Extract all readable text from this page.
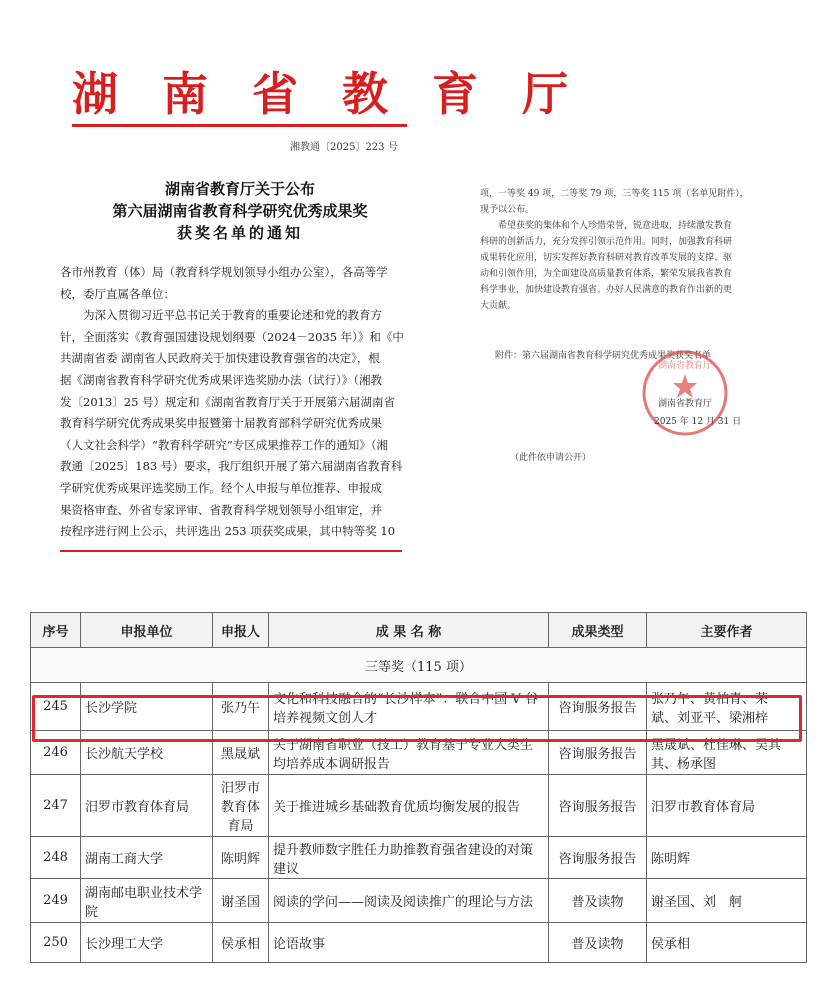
湖 南 省 教 育 厅
湘教通〔2025〕223 号
湖南省教育厅关于公布
第六届湖南省教育科学研究优秀成果奖
获奖名单的通知
各市州教育（体）局（教育科学规划领导小组办公室），各高等学
校，委厅直属各单位：
　　为深入贯彻习近平总书记关于教育的重要论述和党的教育方
针，全面落实《教育强国建设规划纲要（2024－2035 年）》和《中
共湖南省委 湖南省人民政府关于加快建设教育强省的决定》，根
据《湖南省教育科学研究优秀成果评选奖励办法（试行）》（湘教
发〔2013〕25 号）规定和《湖南省教育厅关于开展第六届湖南省
教育科学研究优秀成果奖申报暨第十届教育部科学研究优秀成果
（人文社会科学）“教育科学研究”专区成果推荐工作的通知》（湘
教通〔2025〕183 号）要求，我厅组织开展了第六届湖南省教育科
学研究优秀成果评选奖励工作。经个人申报与单位推荐、申报成
果资格审查、外省专家评审、省教育科学规划领导小组审定，并
按程序进行网上公示，共评选出 253 项获奖成果，其中特等奖 10
项，一等奖 49 项，二等奖 79 项，三等奖 115 项（名单见附件），
现予以公布。
　　希望获奖的集体和个人珍惜荣誉，锐意进取，持续激发教育
科研的创新活力，充分发挥引领示范作用。同时，加强教育科研
成果转化应用，切实发挥好教育科研对教育改革发展的支撑、驱
动和引领作用，为全面建设高质量教育体系，繁荣发展我省教育
科学事业，加快建设教育强省、办好人民满意的教育作出新的更
大贡献。
附件：第六届湖南省教育科学研究优秀成果奖获奖名单
湖南省教育厅
湖南省教育厅
2025 年 12 月 31 日
（此件依申请公开）
序号	申报单位	申报人	成 果 名 称	成果类型	主要作者
三等奖（115 项）					
245	长沙学院	张乃午	文化和科技融合的“长沙样本”：联合中国 V 谷培养视频文创人才	咨询服务报告	张乃午、黄柏青、荣　斌、刘亚平、梁湘梓
246	长沙航天学校	黑晟斌	关于湖南省职业（技工）教育基于专业大类生均培养成本调研报告	咨询服务报告	黑晟斌、杜佳琳、吴其其、杨承图
247	汨罗市教育体育局	汨罗市教育体育局	关于推进城乡基础教育优质均衡发展的报告	咨询服务报告	汨罗市教育体育局
248	湖南工商大学	陈明辉	提升教师数字胜任力助推教育强省建设的对策建议	咨询服务报告	陈明辉
249	湖南邮电职业技术学院	谢圣国	阅读的学问——阅读及阅读推广的理论与方法	普及读物	谢圣国、刘　舸
250	长沙理工大学	侯承相	论语故事	普及读物	侯承相
